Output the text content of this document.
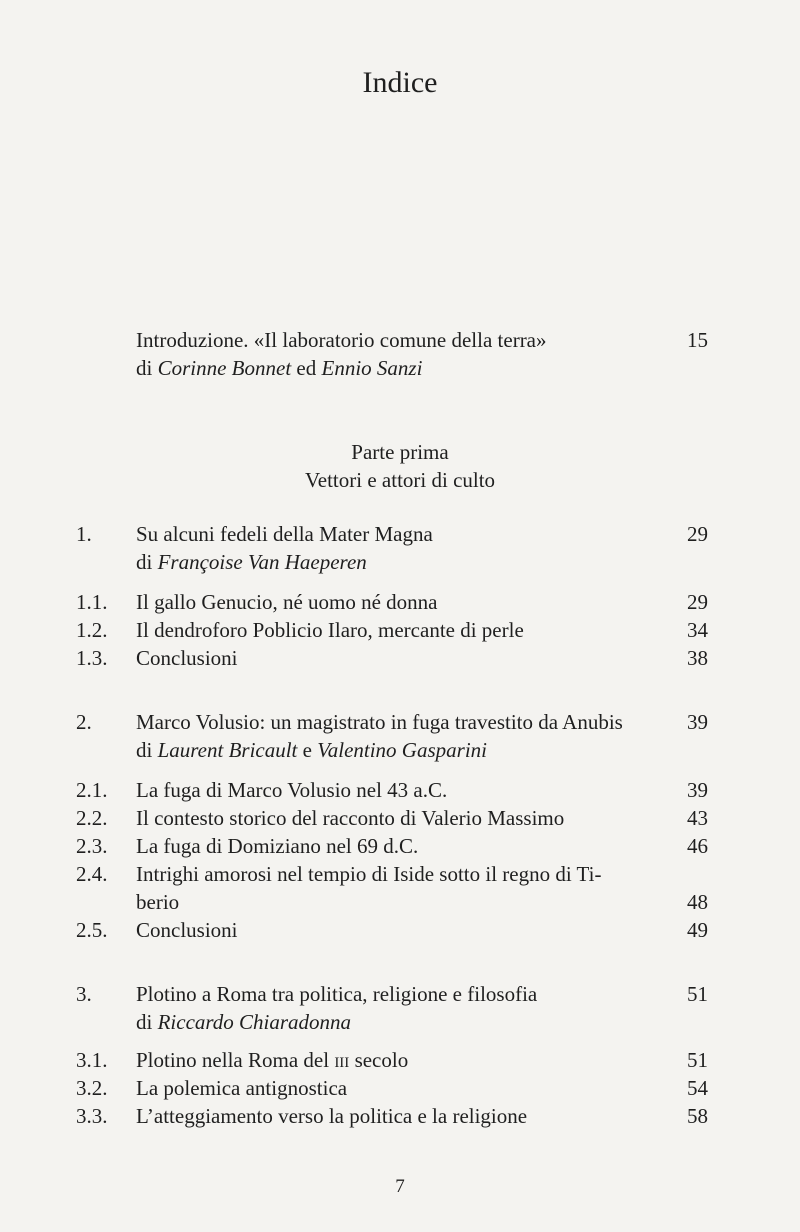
Indice
Introduzione. «Il laboratorio comune della terra»	15
di Corinne Bonnet ed Ennio Sanzi
Parte prima
Vettori e attori di culto
1. Su alcuni fedeli della Mater Magna	29
di Françoise Van Haeperen
1.1. Il gallo Genucio, né uomo né donna	29
1.2. Il dendroforo Poblicio Ilaro, mercante di perle	34
1.3. Conclusioni	38
2. Marco Volusio: un magistrato in fuga travestito da Anubis	39
di Laurent Bricault e Valentino Gasparini
2.1. La fuga di Marco Volusio nel 43 a.C.	39
2.2. Il contesto storico del racconto di Valerio Massimo	43
2.3. La fuga di Domiziano nel 69 d.C.	46
2.4. Intrighi amorosi nel tempio di Iside sotto il regno di Ti-
berio	48
2.5. Conclusioni	49
3. Plotino a Roma tra politica, religione e filosofia	51
di Riccardo Chiaradonna
3.1. Plotino nella Roma del iii secolo	51
3.2. La polemica antignostica	54
3.3. L’atteggiamento verso la politica e la religione	58
7
